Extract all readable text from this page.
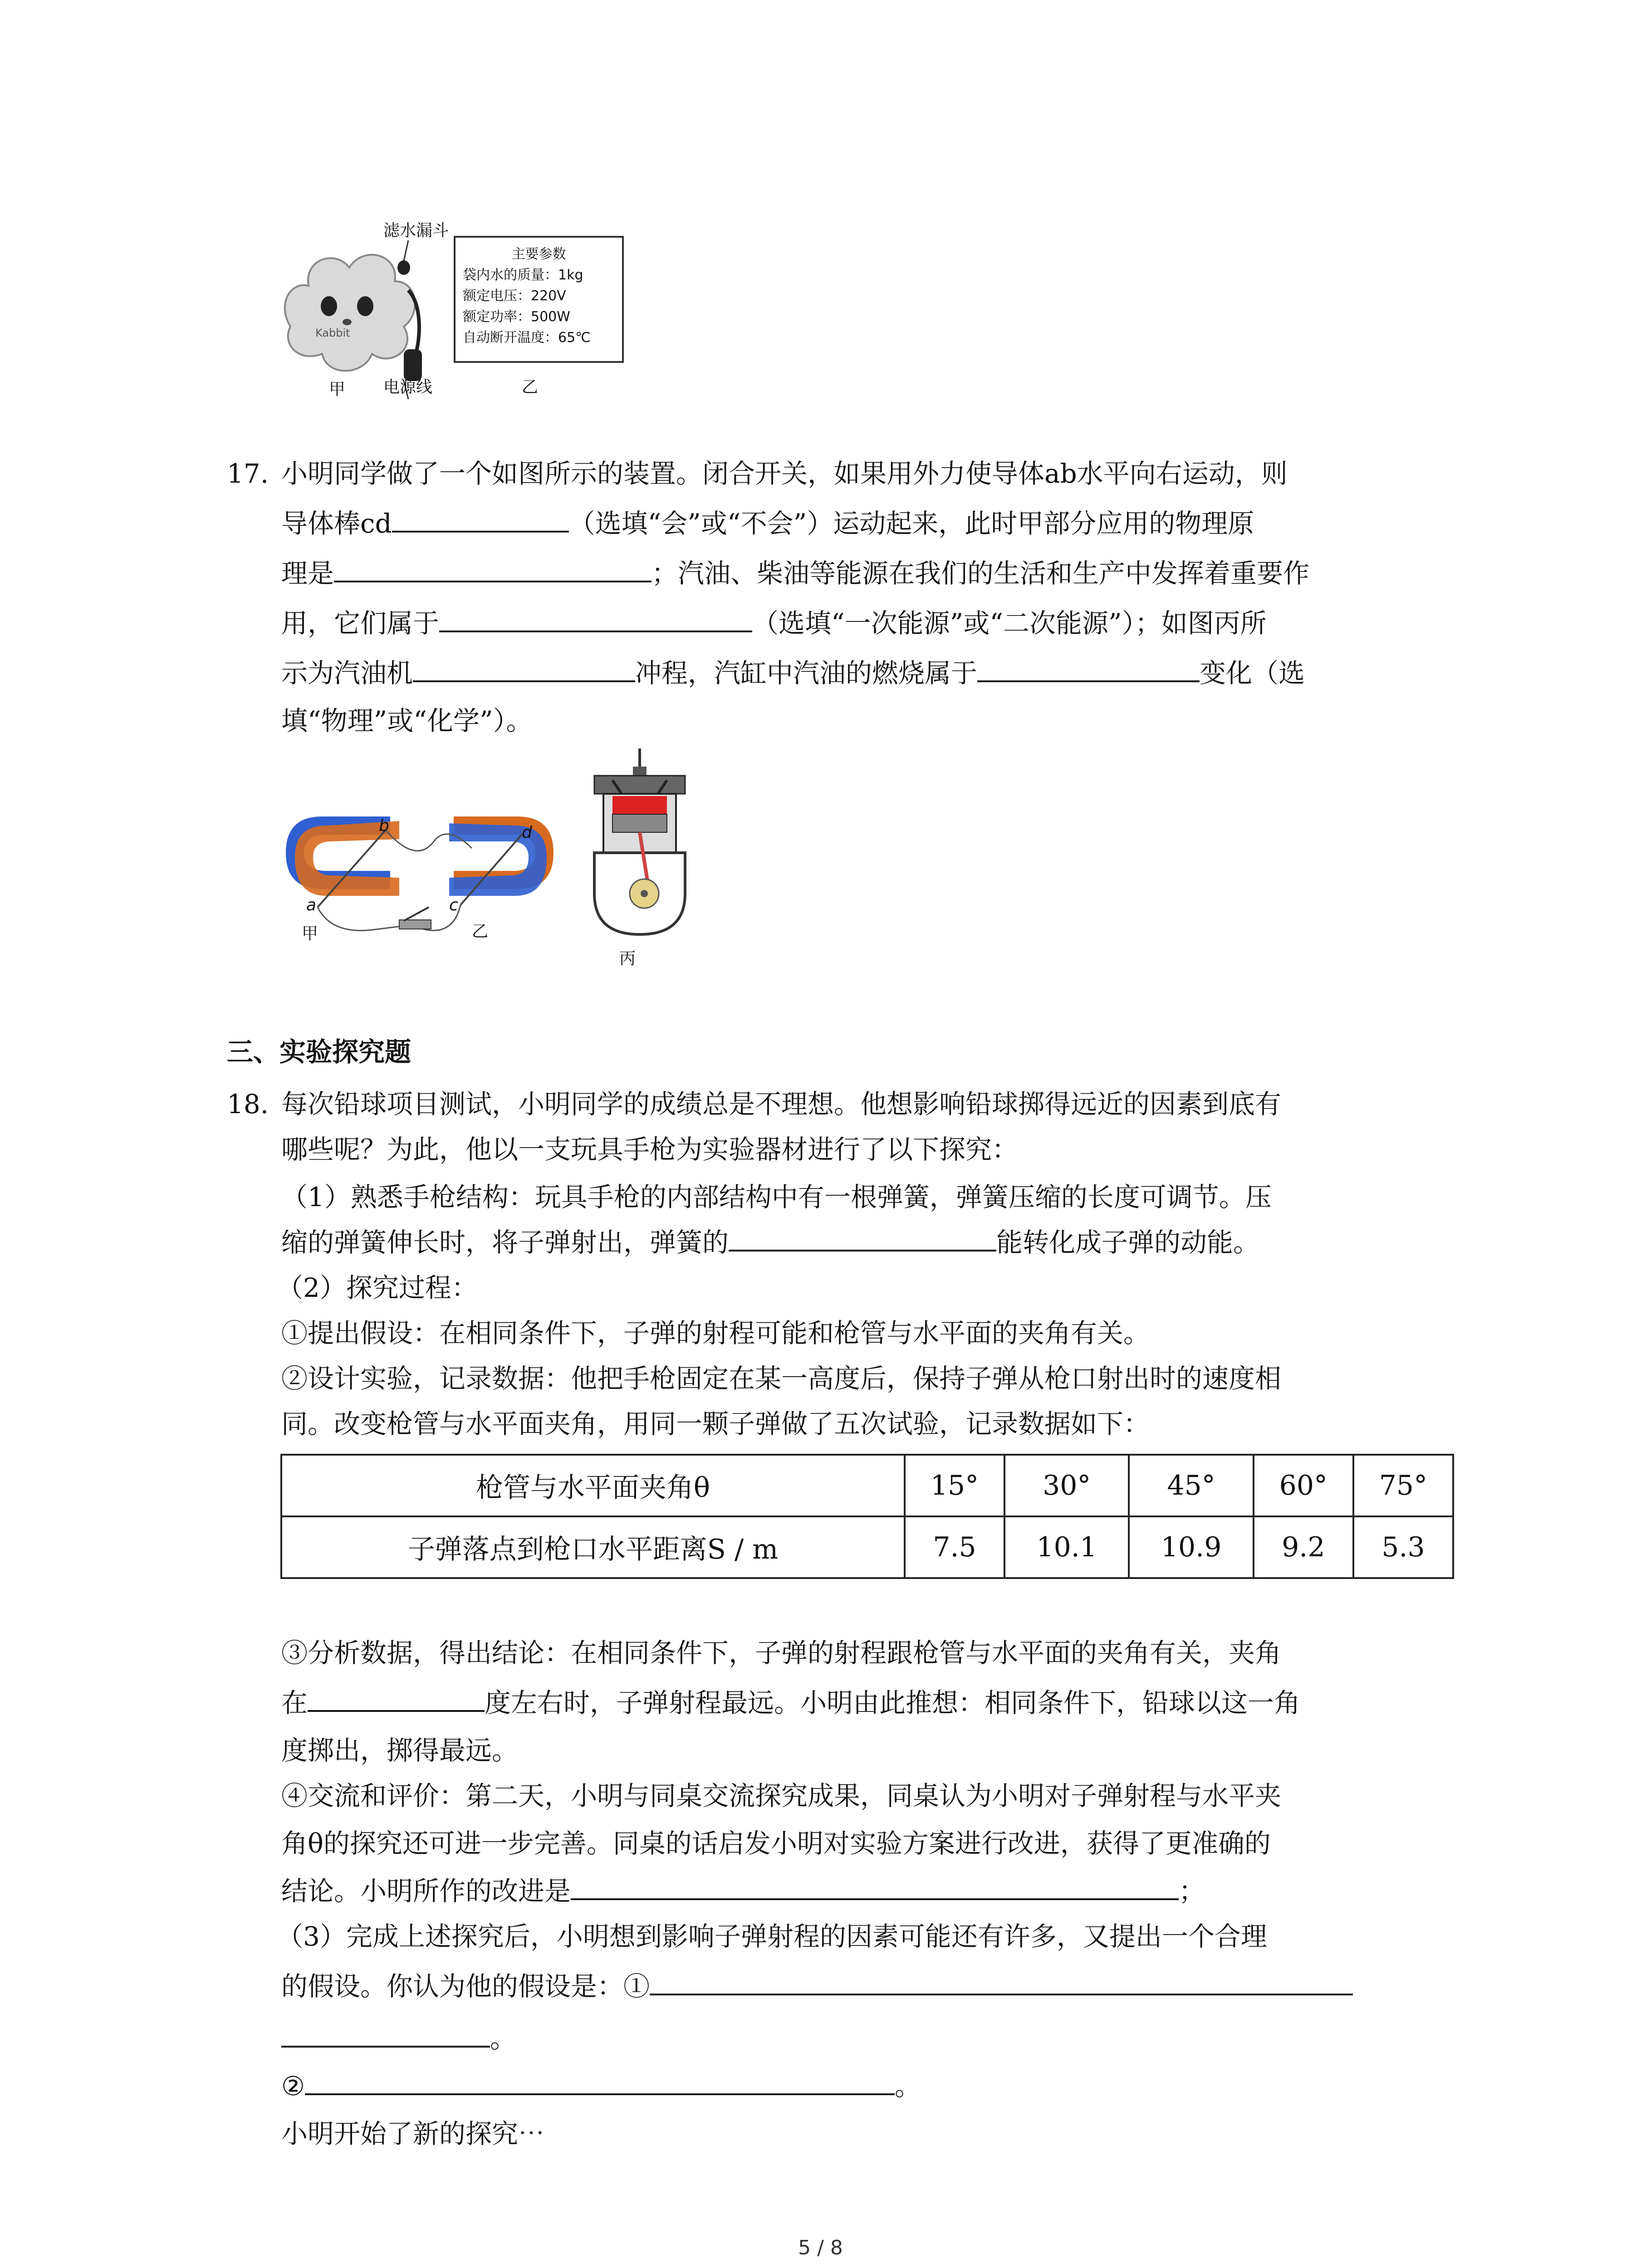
滤水漏斗
Kabbit
甲 电源线
主要参数
袋内水的质量：1kg
额定电压：220V
额定功率：500W
自动断开温度：65℃
乙
17. 小明同学做了一个如图所示的装置。闭合开关，如果用外力使导体ab水平向右运动，则
导体棒cd	（选填“会”或“不会”）运动起来，此时甲部分应用的物理原
理是	；汽油、柴油等能源在我们的生活和生产中发挥着重要作
用，它们属于	（选填“一次能源”或“二次能源”）；如图丙所
示为汽油机	冲程，汽缸中汽油的燃烧属于	变化（选
填“物理”或“化学”）。
a
b
c
d
甲	乙
丙
三、实验探究题
18. 每次铅球项目测试，小明同学的成绩总是不理想。他想影响铅球掷得远近的因素到底有
哪些呢？为此，他以一支玩具手枪为实验器材进行了以下探究：
（1）熟悉手枪结构：玩具手枪的内部结构中有一根弹簧，弹簧压缩的长度可调节。压
缩的弹簧伸长时，将子弹射出，弹簧的	能转化成子弹的动能。
（2）探究过程：
①提出假设：在相同条件下，子弹的射程可能和枪管与水平面的夹角有关。
②设计实验，记录数据：他把手枪固定在某一高度后，保持子弹从枪口射出时的速度相
同。改变枪管与水平面夹角，用同一颗子弹做了五次试验，记录数据如下：
枪管与水平面夹角θ	15°	30°	45°	60°	75°
子弹落点到枪口水平距离S / m	7.5	10.1	10.9	9.2	5.3
③分析数据，得出结论：在相同条件下，子弹的射程跟枪管与水平面的夹角有关，夹角
在	度左右时，子弹射程最远。小明由此推想：相同条件下，铅球以这一角
度掷出，掷得最远。
④交流和评价：第二天，小明与同桌交流探究成果，同桌认为小明对子弹射程与水平夹
角θ的探究还可进一步完善。同桌的话启发小明对实验方案进行改进，获得了更准确的
结论。小明所作的改进是	；
（3）完成上述探究后，小明想到影响子弹射程的因素可能还有许多，又提出一个合理
的假设。你认为他的假设是：①
。
②	。
小明开始了新的探究⋯
5 / 8
